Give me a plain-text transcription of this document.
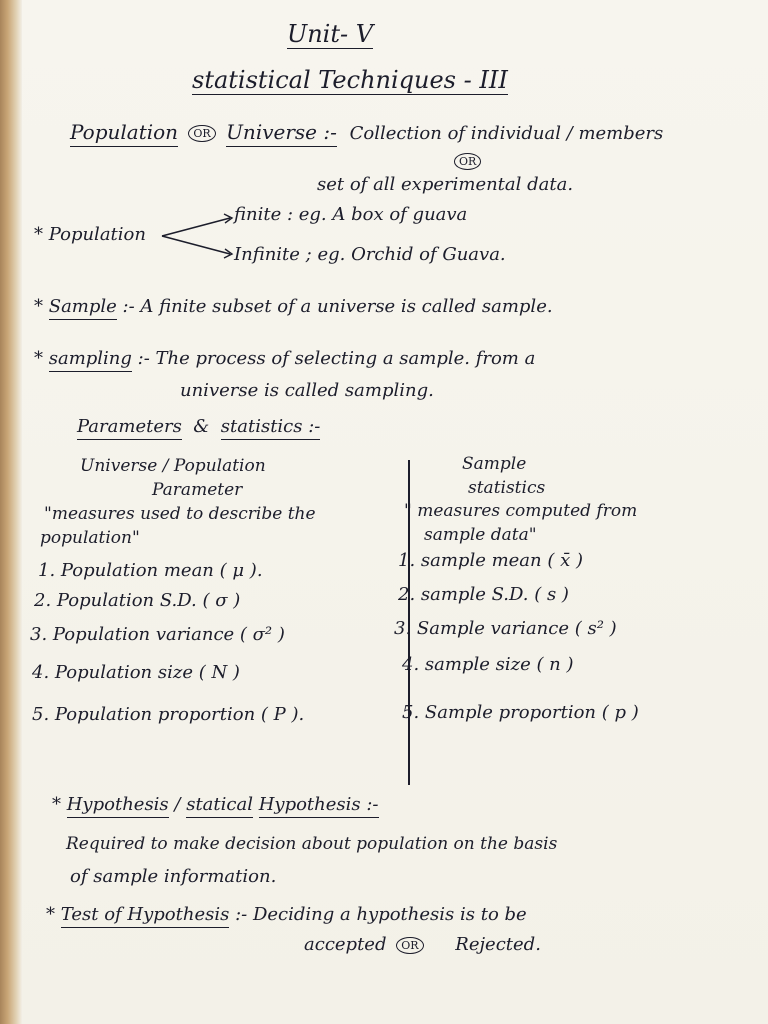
Unit- V
statistical Techniques - III
Population OR Universe :- Collection of individual / members
OR
set of all experimental data.
* Population
finite : eg. A box of guava
Infinite ; eg. Orchid of Guava.
* Sample :- A finite subset of a universe is called sample.
* sampling :- The process of selecting a sample. from a
universe is called sampling.
Parameters & statistics :-
Universe / Population
Parameter
"measures used to describe the
population"
1. Population mean ( μ ).
2. Population S.D. ( σ )
3. Population variance ( σ² )
4. Population size ( N )
5. Population proportion ( P ).
Sample
statistics
" measures computed from
sample data"
1. sample mean ( x̄ )
2. sample S.D. ( s )
3. Sample variance ( s² )
4. sample size ( n )
5. Sample proportion ( p )
* Hypothesis / statical Hypothesis :-
Required to make decision about population on the basis
of sample information.
* Test of Hypothesis :- Deciding a hypothesis is to be
accepted OR Rejected.
